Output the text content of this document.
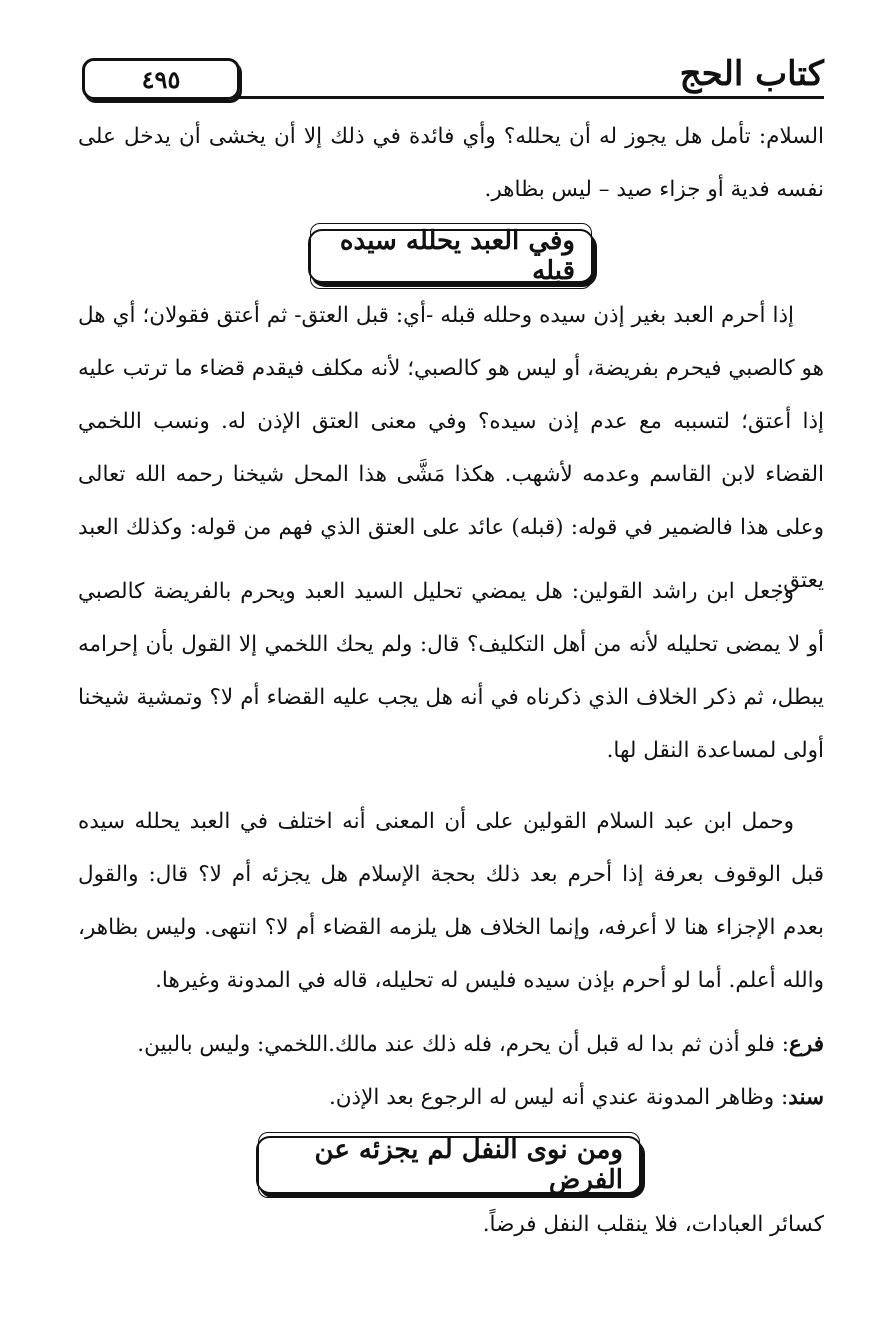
٤٩٥	كتاب الحج

السلام: تأمل هل يجوز له أن يحلله؟ وأي فائدة في ذلك إلا أن يخشى أن يدخل على نفسه فدية أو جزاء صيد – ليس بظاهر.

وفي العبد يحلله سيده قبله

إذا أحرم العبد بغير إذن سيده وحلله قبله -أي: قبل العتق- ثم أعتق فقولان؛ أي هل هو كالصبي فيحرم بفريضة، أو ليس هو كالصبي؛ لأنه مكلف فيقدم قضاء ما ترتب عليه إذا أعتق؛ لتسببه مع عدم إذن سيده؟ وفي معنى العتق الإذن له. ونسب اللخمي القضاء لابن القاسم وعدمه لأشهب. هكذا مَشَّى هذا المحل شيخنا رحمه الله تعالى وعلى هذا فالضمير في قوله: (قبله) عائد على العتق الذي فهم من قوله: وكذلك العبد يعتق.

وجعل ابن راشد القولين: هل يمضي تحليل السيد العبد ويحرم بالفريضة كالصبي أو لا يمضى تحليله لأنه من أهل التكليف؟ قال: ولم يحك اللخمي إلا القول بأن إحرامه يبطل، ثم ذكر الخلاف الذي ذكرناه في أنه هل يجب عليه القضاء أم لا؟ وتمشية شيخنا أولى لمساعدة النقل لها.

وحمل ابن عبد السلام القولين على أن المعنى أنه اختلف في العبد يحلله سيده قبل الوقوف بعرفة إذا أحرم بعد ذلك بحجة الإسلام هل يجزئه أم لا؟ قال: والقول بعدم الإجزاء هنا لا أعرفه، وإنما الخلاف هل يلزمه القضاء أم لا؟ انتهى. وليس بظاهر، والله أعلم. أما لو أحرم بإذن سيده فليس له تحليله، قاله في المدونة وغيرها.

فرع: فلو أذن ثم بدا له قبل أن يحرم، فله ذلك عند مالك.اللخمي: وليس بالبين.

سند: وظاهر المدونة عندي أنه ليس له الرجوع بعد الإذن.

ومن نوى النفل لم يجزئه عن الفرض

كسائر العبادات، فلا ينقلب النفل فرضاً.
